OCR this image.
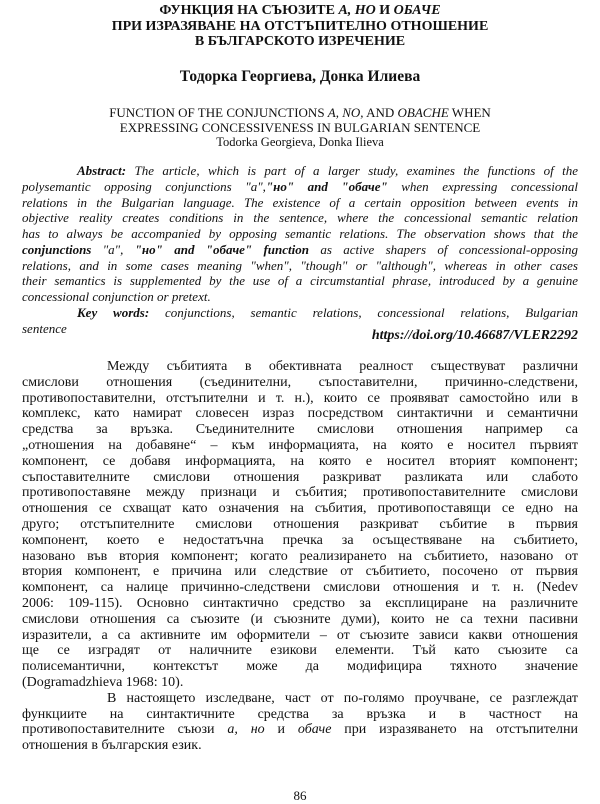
ФУНКЦИЯ НА СЪЮЗИТЕ А, НО И ОБАЧЕ
ПРИ ИЗРАЗЯВАНЕ НА ОТСТЪПИТЕЛНО ОТНОШЕНИЕ
В БЪЛГАРСКОТО ИЗРЕЧЕНИЕ
Тодорка Георгиева, Донка Илиева
FUNCTION OF THE CONJUNCTIONS A, NO, AND OBACHE WHEN
EXPRESSING CONCESSIVENESS IN BULGARIAN SENTENCE
Todorka Georgieva, Donka Ilieva
Abstract: The article, which is part of a larger study, examines the functions of the
polysemantic opposing conjunctions "а","но" and "обаче" when expressing concessional
relations in the Bulgarian language. The existence of a certain opposition between events in
objective reality creates conditions in the sentence, where the concessional semantic relation
has to always be accompanied by opposing semantic relations. The observation shows that the
conjunctions "а", "но" and "обаче" function as active shapers of concessional-opposing
relations, and in some cases meaning "when", "though" or "although", whereas in other cases
their semantics is supplemented by the use of a circumstantial phrase, introduced by a genuine
concessional conjunction or pretext.
Key words: conjunctions, semantic relations, concessional relations, Bulgarian
sentence	https://doi.org/10.46687/VLER2292
Между събитията в обективната реалност съществуват различни
смислови отношения (съединителни, съпоставителни, причинно-следствени,
противопоставителни, отстъпителни и т. н.), които се проявяват самостойно или в
комплекс, като намират словесен израз посредством синтактични и семантични
средства за връзка. Съединителните смислови отношения например са
„отношения на добавяне“ – към информацията, на която е носител първият
компонент, се добавя информацията, на която е носител вторият компонент;
съпоставителните смислови отношения разкриват разликата или слабото
противопоставяне между признаци и събития; противопоставителните смислови
отношения се схващат като означения на събития, противопоставящи се едно на
друго; отстъпителните смислови отношения разкриват събитие в първия
компонент, което е недостатъчна пречка за осъществяване на събитието,
назовано във втория компонент; когато реализирането на събитието, назовано от
втория компонент, е причина или следствие от събитието, посочено от първия
компонент, са налице причинно-следствени смислови отношения и т. н. (Nedev
2006: 109-115). Основно синтактично средство за експлициране на различните
смислови отношения са съюзите (и съюзните думи), които не са техни пасивни
изразители, а са активните им оформители – от съюзите зависи какви отношения
ще се изградят от наличните езикови елементи. Тъй като съюзите са
полисемантични, контекстът може да модифицира тяхното значение
(Dogramadzhieva 1968: 10).
В настоящето изследване, част от по-голямо проучване, се разглеждат
функциите на синтактичните средства за връзка и в частност на
противопоставителните съюзи а, но и обаче при изразяването на отстъпителни
отношения в българския език.
86
